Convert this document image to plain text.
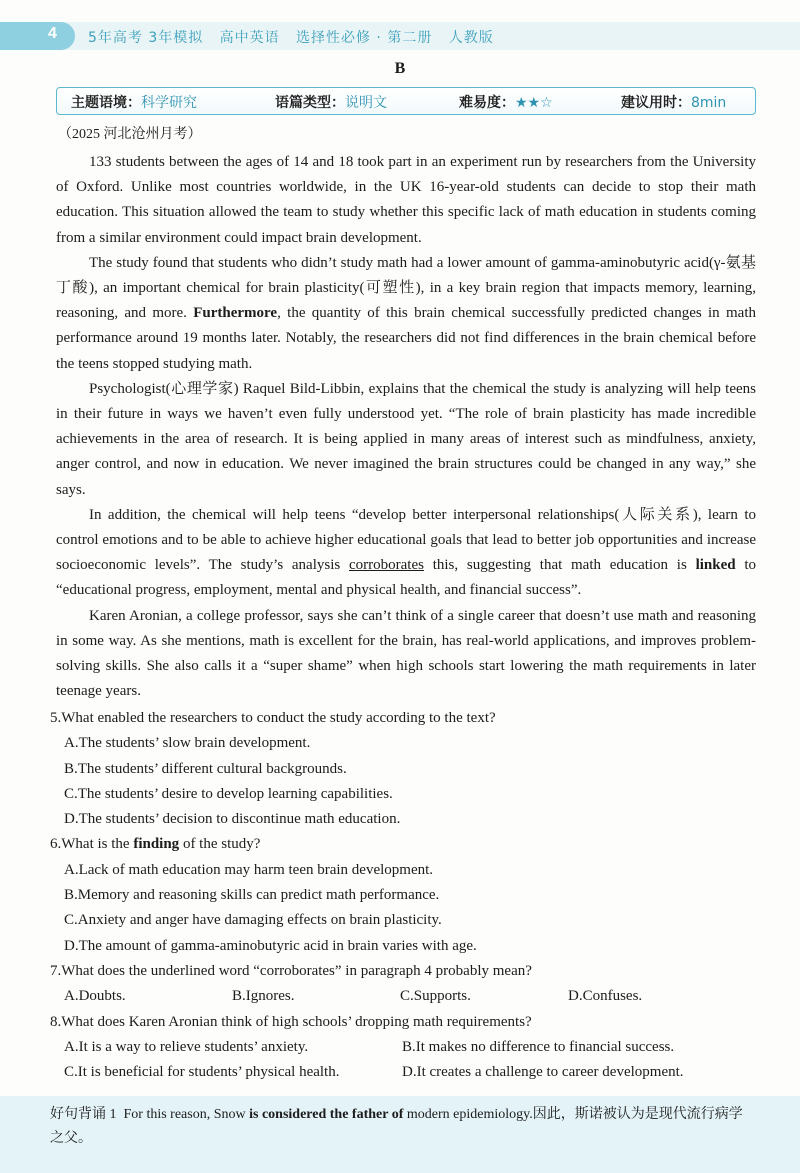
4 5年高考 3年模拟 高中英语 选择性必修 · 第二册 人教版
B
主题语境：科学研究	语篇类型：说明文	难易度：★★☆	建议用时：8min
（2025 河北沧州月考）

133 students between the ages of 14 and 18 took part in an experiment run by researchers from the University of Oxford. Unlike most countries worldwide, in the UK 16-year-old students can decide to stop their math education. This situation allowed the team to study whether this specific lack of math education in students coming from a similar environment could impact brain development.

The study found that students who didn’t study math had a lower amount of gamma-aminobutyric acid(γ-氨基丁酸), an important chemical for brain plasticity(可塑性), in a key brain region that impacts memory, learning, reasoning, and more. Furthermore, the quantity of this brain chemical successfully predicted changes in math performance around 19 months later. Notably, the researchers did not find differences in the brain chemical before the teens stopped studying math.

Psychologist(心理学家) Raquel Bild-Libbin, explains that the chemical the study is analyzing will help teens in their future in ways we haven’t even fully understood yet. “The role of brain plasticity has made incredible achievements in the area of research. It is being applied in many areas of interest such as mindfulness, anxiety, anger control, and now in education. We never imagined the brain structures could be changed in any way,” she says.

In addition, the chemical will help teens “develop better interpersonal relationships(人际关系), learn to control emotions and to be able to achieve higher educational goals that lead to better job opportunities and increase socioeconomic levels”. The study’s analysis corroborates this, suggesting that math education is linked to “educational progress, employment, mental and physical health, and financial success”.

Karen Aronian, a college professor, says she can’t think of a single career that doesn’t use math and reasoning in some way. As she mentions, math is excellent for the brain, has real-world applications, and improves problem-solving skills. She also calls it a “super shame” when high schools start lowering the math requirements in later teenage years.

5.What enabled the researchers to conduct the study according to the text?
A.The students’ slow brain development.
B.The students’ different cultural backgrounds.
C.The students’ desire to develop learning capabilities.
D.The students’ decision to discontinue math education.
6.What is the finding of the study?
A.Lack of math education may harm teen brain development.
B.Memory and reasoning skills can predict math performance.
C.Anxiety and anger have damaging effects on brain plasticity.
D.The amount of gamma-aminobutyric acid in brain varies with age.
7.What does the underlined word “corroborates” in paragraph 4 probably mean?
A.Doubts.	B.Ignores.	C.Supports.	D.Confuses.
8.What does Karen Aronian think of high schools’ dropping math requirements?
A.It is a way to relieve students’ anxiety.	B.It makes no difference to financial success.
C.It is beneficial for students’ physical health.	D.It creates a challenge to career development.
好句背诵 1 For this reason, Snow is considered the father of modern epidemiology.因此，斯诺被认为是现代流行病学之父。
